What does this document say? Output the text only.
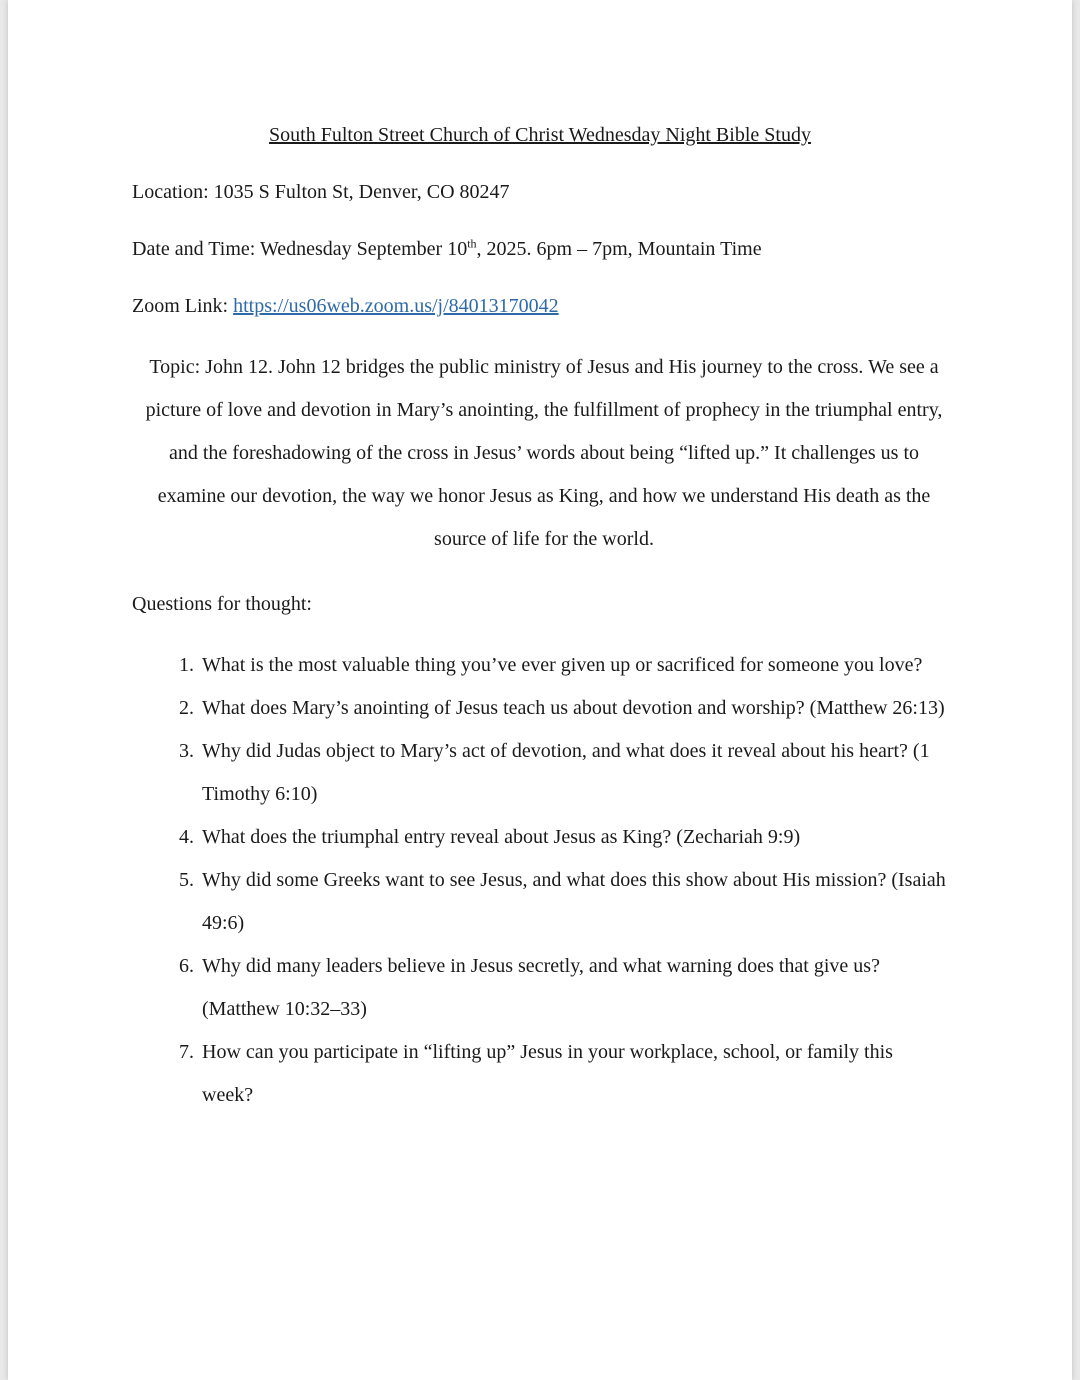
South Fulton Street Church of Christ Wednesday Night Bible Study

Location: 1035 S Fulton St, Denver, CO 80247

Date and Time: Wednesday September 10th, 2025. 6pm – 7pm, Mountain Time

Zoom Link: https://us06web.zoom.us/j/84013170042

Topic: John 12. John 12 bridges the public ministry of Jesus and His journey to the cross. We see a picture of love and devotion in Mary’s anointing, the fulfillment of prophecy in the triumphal entry, and the foreshadowing of the cross in Jesus’ words about being “lifted up.” It challenges us to examine our devotion, the way we honor Jesus as King, and how we understand His death as the source of life for the world.

Questions for thought:

1. What is the most valuable thing you’ve ever given up or sacrificed for someone you love?
2. What does Mary’s anointing of Jesus teach us about devotion and worship? (Matthew 26:13)
3. Why did Judas object to Mary’s act of devotion, and what does it reveal about his heart? (1 Timothy 6:10)
4. What does the triumphal entry reveal about Jesus as King? (Zechariah 9:9)
5. Why did some Greeks want to see Jesus, and what does this show about His mission? (Isaiah 49:6)
6. Why did many leaders believe in Jesus secretly, and what warning does that give us? (Matthew 10:32–33)
7. How can you participate in “lifting up” Jesus in your workplace, school, or family this week?
